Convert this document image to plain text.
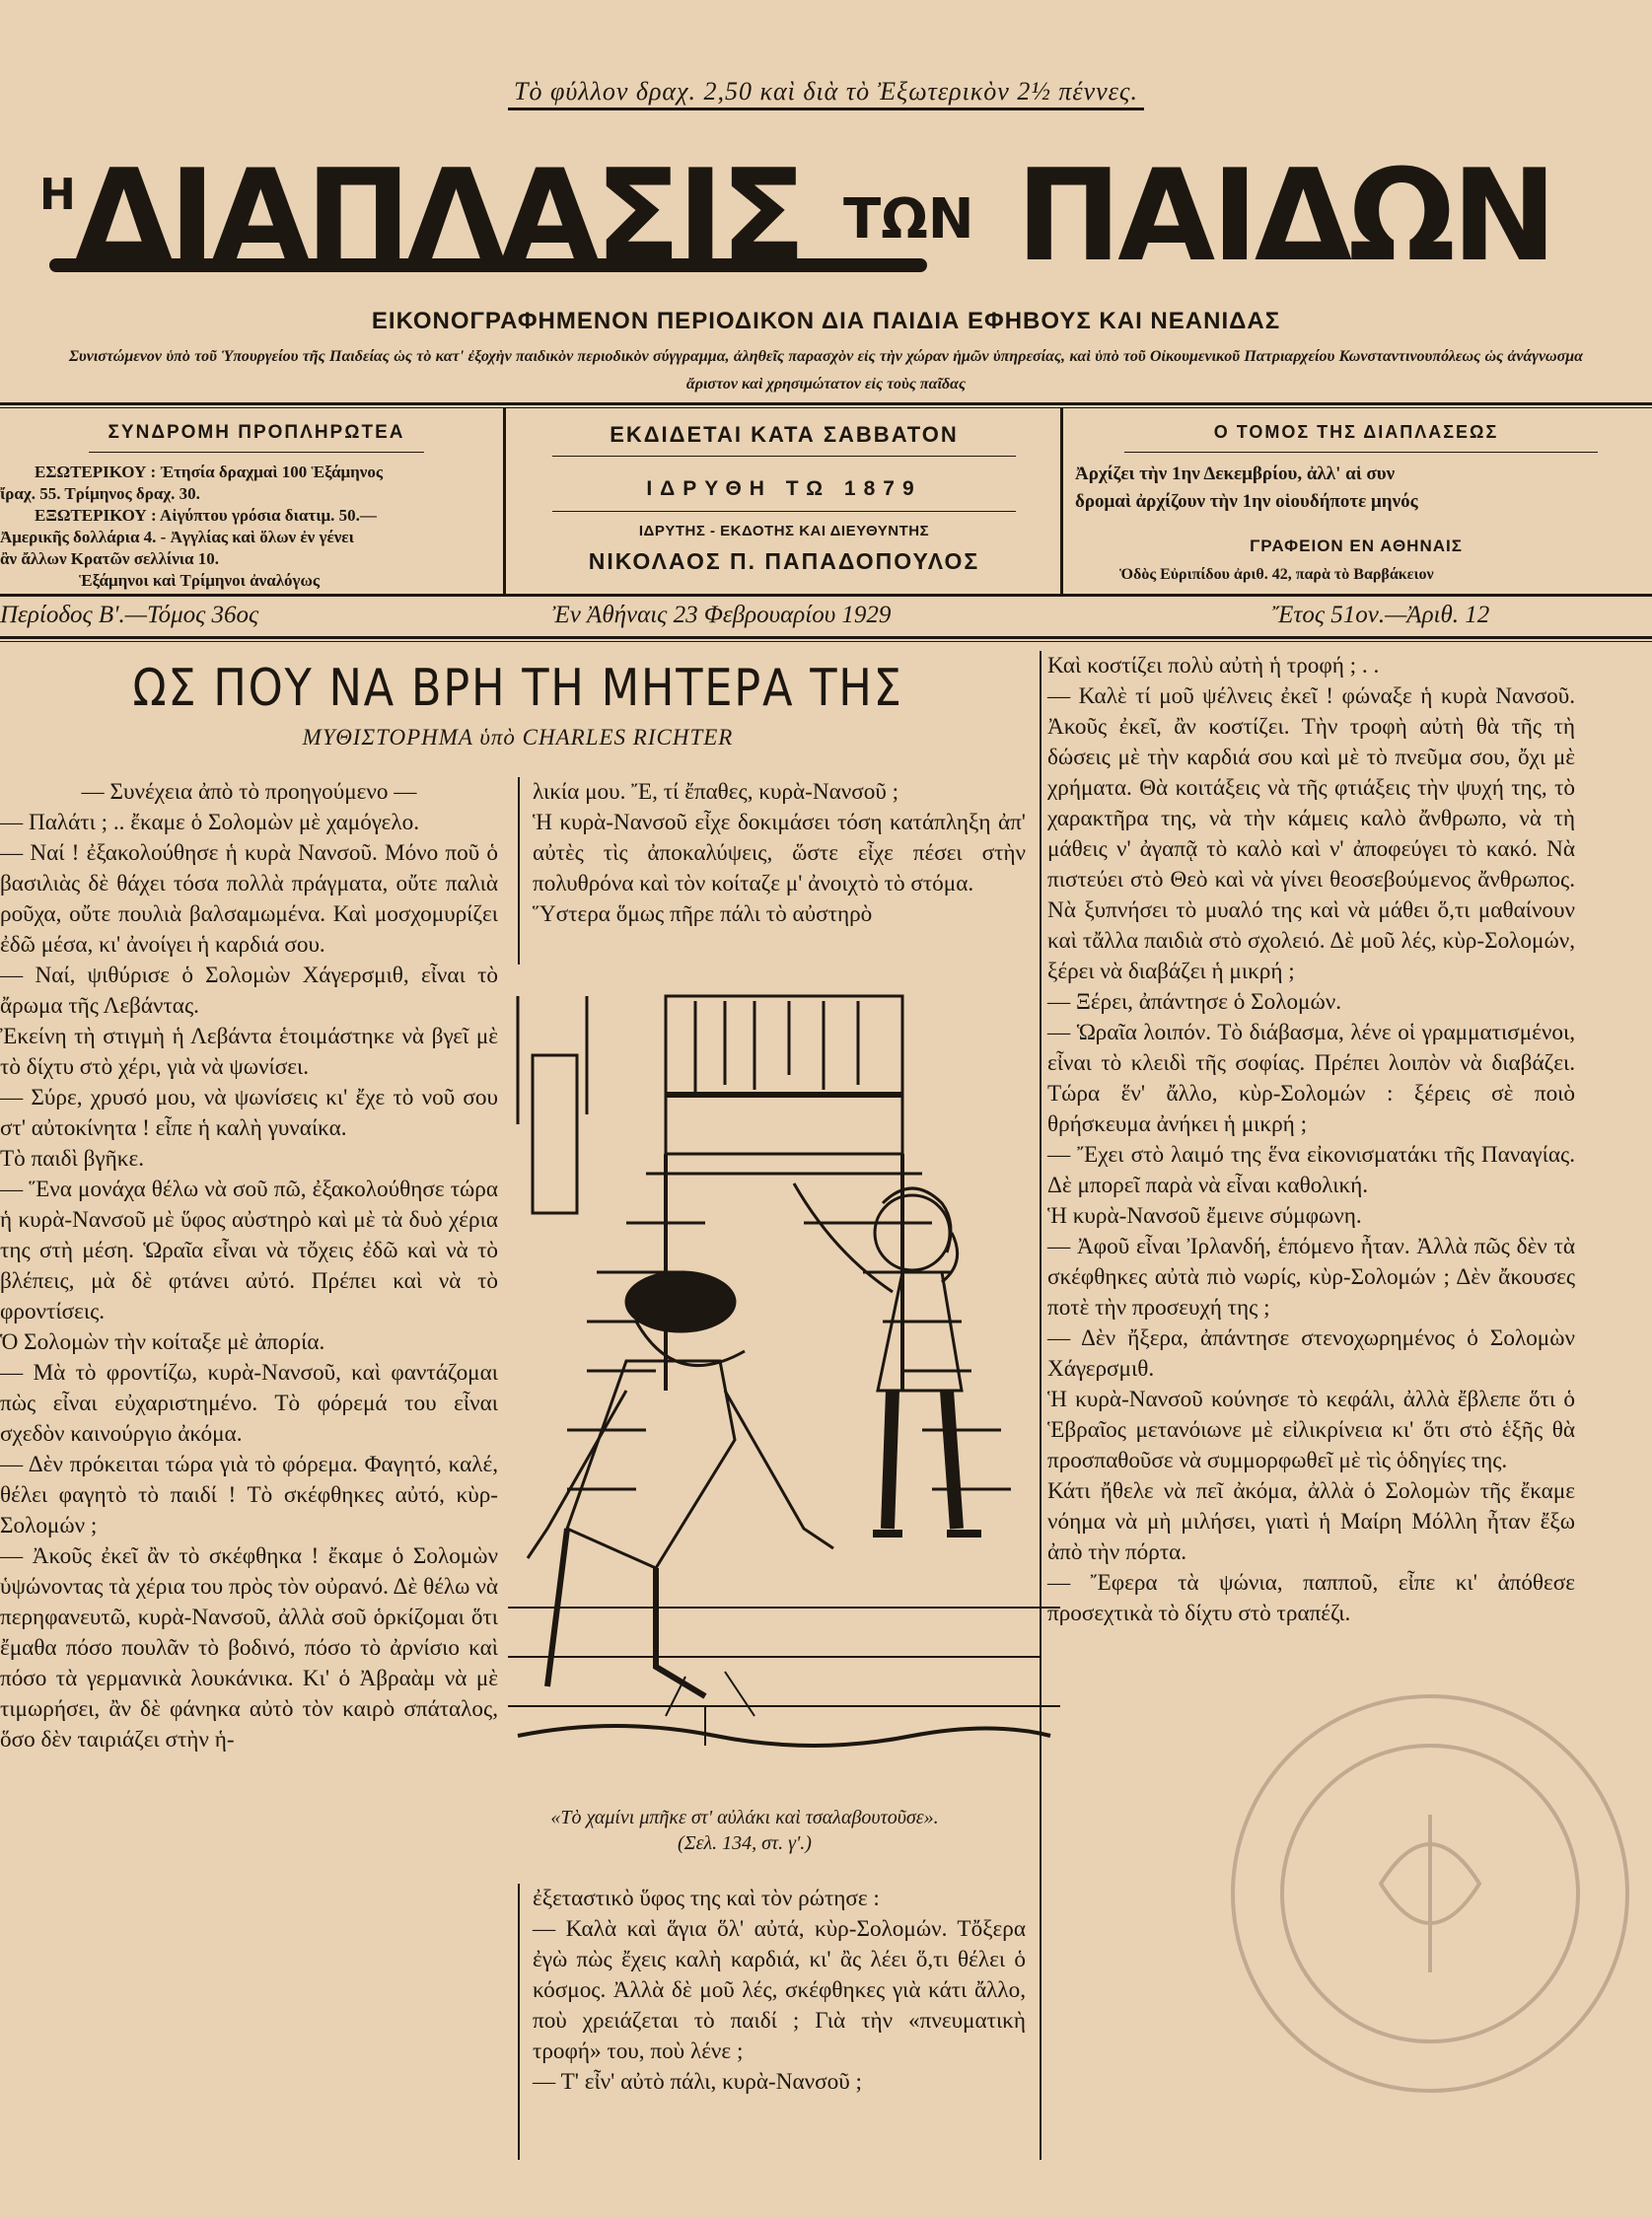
Τὸ φύλλον δραχ. 2,50 καὶ διὰ τὸ Ἐξωτερικὸν 2½ πέννες.
Η ΔΙΑΠΛΑΣΙΣ ΤΩΝ ΠΑΙΔΩΝ
ΕΙΚΟΝΟΓΡΑΦΗΜΕΝΟΝ ΠΕΡΙΟΔΙΚΟΝ ΔΙΑ ΠΑΙΔΙΑ ΕΦΗΒΟΥΣ ΚΑΙ ΝΕΑΝΙΔΑΣ
Συνιστώμενον ὑπὸ τοῦ Ὑπουργείου τῆς Παιδείας ὡς τὸ κατ' ἐξοχὴν παιδικὸν περιοδικὸν σύγγραμμα, ἀληθεῖς παρασχὸν εἰς τὴν χώραν ἡμῶν ὑπηρεσίας, καὶ ὑπὸ τοῦ Οἰκουμενικοῦ Πατριαρχείου Κωνσταντινουπόλεως ὡς ἀνάγνωσμα ἄριστον καὶ χρησιμώτατον εἰς τοὺς παῖδας
ΣΥΝΔΡΟΜΗ ΠΡΟΠΛΗΡΩΤΕΑ
ΕΣΩΤΕΡΙΚΟΥ : Ἐτησία δραχμαὶ 100 Ἑξάμηνος
ἴραχ. 55. Τρίμηνος δραχ. 30.
ΕΞΩΤΕΡΙΚΟΥ : Αἰγύπτου γρόσια διατιμ. 50.—
Ἀμερικῆς δολλάρια 4. - Ἀγγλίας καὶ ὅλων ἐν γένει
ἂν ἄλλων Κρατῶν σελλίνια 10.
Ἑξάμηνοι καὶ Τρίμηνοι ἀναλόγως
ΕΚΔΙΔΕΤΑΙ ΚΑΤΑ ΣΑΒΒΑΤΟΝ
ΙΔΡΥΘΗ ΤΩ 1879
ΙΔΡΥΤΗΣ - ΕΚΔΟΤΗΣ ΚΑΙ ΔΙΕΥΘΥΝΤΗΣ
ΝΙΚΟΛΑΟΣ Π. ΠΑΠΑΔΟΠΟΥΛΟΣ
Ο ΤΟΜΟΣ ΤΗΣ ΔΙΑΠΛΑΣΕΩΣ
Ἀρχίζει τὴν 1ην Δεκεμβρίου, ἀλλ' αἱ συν
δρομαὶ ἀρχίζουν τὴν 1ην οἱουδήποτε μηνός
ΓΡΑΦΕΙΟΝ ΕΝ ΑΘΗΝΑΙΣ
Ὁδὸς Εὐριπίδου ἀριθ. 42, παρὰ τὸ Βαρβάκειον
Περίοδος Β'.—Τόμος 36ος	Ἐν Ἀθήναις 23 Φεβρουαρίου 1929	Ἔτος 51ον.—Ἀριθ. 12
ΩΣ ΠΟΥ ΝΑ ΒΡΗ ΤΗ ΜΗΤΕΡΑ ΤΗΣ
ΜΥΘΙΣΤΟΡΗΜΑ ὑπὸ CHARLES RICHTER

— Συνέχεια ἀπὸ τὸ προηγούμενο —

— Παλάτι ; .. ἔκαμε ὁ Σολομὼν μὲ χαμόγελο.

— Ναί ! ἐξακολούθησε ἡ κυρὰ Νανσοῦ. Μόνο ποῦ ὁ βασιλιὰς δὲ θάχει τόσα πολλὰ πράγματα, οὔτε παλιὰ ροῦχα, οὔτε πουλιὰ βαλσαμωμένα. Καὶ μοσχομυρίζει ἐδῶ μέσα, κι' ἀνοίγει ἡ καρδιά σου.

— Ναί, ψιθύρισε ὁ Σολομὼν Χάγερσμιθ, εἶναι τὸ ἄρωμα τῆς Λεβάντας.

Ἐκείνη τὴ στιγμὴ ἡ Λεβάντα ἑτοιμάστηκε νὰ βγεῖ μὲ τὸ δίχτυ στὸ χέρι, γιὰ νὰ ψωνίσει.

— Σύρε, χρυσό μου, νὰ ψωνίσεις κι' ἔχε τὸ νοῦ σου στ' αὐτοκίνητα ! εἶπε ἡ καλὴ γυναίκα.

Τὸ παιδὶ βγῆκε.

— Ἕνα μονάχα θέλω νὰ σοῦ πῶ, ἐξακολούθησε τώρα ἡ κυρὰ-Νανσοῦ μὲ ὕφος αὐστηρὸ καὶ μὲ τὰ δυὸ χέρια της στὴ μέση. Ὡραῖα εἶναι νὰ τὄχεις ἐδῶ καὶ νὰ τὸ βλέπεις, μὰ δὲ φτάνει αὐτό. Πρέπει καὶ νὰ τὸ φροντίσεις.

Ὁ Σολομὼν τὴν κοίταξε μὲ ἀπορία.

— Μὰ τὸ φροντίζω, κυρὰ-Νανσοῦ, καὶ φαντάζομαι πὼς εἶναι εὐχαριστημένο. Τὸ φόρεμά του εἶναι σχεδὸν καινούργιο ἀκόμα.

— Δὲν πρόκειται τώρα γιὰ τὸ φόρεμα. Φαγητό, καλέ, θέλει φαγητὸ τὸ παιδί ! Τὸ σκέφθηκες αὐτό, κὺρ-Σολομών ;

— Ἀκοῦς ἐκεῖ ἂν τὸ σκέφθηκα ! ἔκαμε ὁ Σολομὼν ὑψώνοντας τὰ χέρια του πρὸς τὸν οὐρανό. Δὲ θέλω νὰ περηφανευτῶ, κυρὰ-Νανσοῦ, ἀλλὰ σοῦ ὁρκίζομαι ὅτι ἔμαθα πόσο πουλᾶν τὸ βοδινό, πόσο τὸ ἀρνίσιο καὶ πόσο τὰ γερμανικὰ λουκάνικα. Κι' ὁ Ἀβραὰμ νὰ μὲ τιμωρήσει, ἂν δὲ φάνηκα αὐτὸ τὸν καιρὸ σπάταλος, ὅσο δὲν ταιριάζει στὴν ἡ-

λικία μου. Ἔ, τί ἔπαθες, κυρὰ-Νανσοῦ ;

Ἡ κυρὰ-Νανσοῦ εἶχε δοκιμάσει τόση κατάπληξη ἀπ' αὐτὲς τὶς ἀποκαλύψεις, ὥστε εἶχε πέσει στὴν πολυθρόνα καὶ τὸν κοίταζε μ' ἀνοιχτὸ τὸ στόμα.

Ὕστερα ὅμως πῆρε πάλι τὸ αὐστηρὸ

«Τὸ χαμίνι μπῆκε στ' αὐλάκι καὶ τσαλαβουτοῦσε».
(Σελ. 134, στ. γ'.)

ἐξεταστικὸ ὕφος της καὶ τὸν ρώτησε :

— Καλὰ καὶ ἅγια ὅλ' αὐτά, κὺρ-Σολομών. Τὄξερα ἐγὼ πὼς ἔχεις καλὴ καρδιά, κι' ἂς λέει ὅ,τι θέλει ὁ κόσμος. Ἀλλὰ δὲ μοῦ λές, σκέφθηκες γιὰ κάτι ἄλλο, ποὺ χρειάζεται τὸ παιδί ; Γιὰ τὴν «πνευματικὴ τροφή» του, ποὺ λένε ;

— Τ' εἶν' αὐτὸ πάλι, κυρὰ-Νανσοῦ ;

Καὶ κοστίζει πολὺ αὐτὴ ἡ τροφή ; . .

— Καλὲ τί μοῦ ψέλνεις ἐκεῖ ! φώναξε ἡ κυρὰ Νανσοῦ. Ἀκοῦς ἐκεῖ, ἂν κοστίζει. Τὴν τροφὴ αὐτὴ θὰ τῆς τὴ δώσεις μὲ τὴν καρδιά σου καὶ μὲ τὸ πνεῦμα σου, ὄχι μὲ χρήματα. Θὰ κοιτάξεις νὰ τῆς φτιάξεις τὴν ψυχή της, τὸ χαρακτῆρα της, νὰ τὴν κάμεις καλὸ ἄνθρωπο, νὰ τὴ μάθεις ν' ἀγαπᾷ τὸ καλὸ καὶ ν' ἀποφεύγει τὸ κακό. Νὰ πιστεύει στὸ Θεὸ καὶ νὰ γίνει θεοσεβούμενος ἄνθρωπος. Νὰ ξυπνήσει τὸ μυαλό της καὶ νὰ μάθει ὅ,τι μαθαίνουν καὶ τἄλλα παιδιὰ στὸ σχολειό. Δὲ μοῦ λές, κὺρ-Σολομών, ξέρει νὰ διαβάζει ἡ μικρή ;

— Ξέρει, ἀπάντησε ὁ Σολομών.

— Ὡραῖα λοιπόν. Τὸ διάβασμα, λένε οἱ γραμματισμένοι, εἶναι τὸ κλειδὶ τῆς σοφίας. Πρέπει λοιπὸν νὰ διαβάζει. Τώρα ἕν' ἄλλο, κὺρ-Σολομών : ξέρεις σὲ ποιὸ θρήσκευμα ἀνήκει ἡ μικρή ;

— Ἔχει στὸ λαιμό της ἕνα εἰκονισματάκι τῆς Παναγίας. Δὲ μπορεῖ παρὰ νὰ εἶναι καθολική.

Ἡ κυρὰ-Νανσοῦ ἔμεινε σύμφωνη.

— Ἀφοῦ εἶναι Ἰρλανδή, ἑπόμενο ἦταν. Ἀλλὰ πῶς δὲν τὰ σκέφθηκες αὐτὰ πιὸ νωρίς, κὺρ-Σολομών ; Δὲν ἄκουσες ποτὲ τὴν προσευχή της ;

— Δὲν ἤξερα, ἀπάντησε στενοχωρημένος ὁ Σολομὼν Χάγερσμιθ.

Ἡ κυρὰ-Νανσοῦ κούνησε τὸ κεφάλι, ἀλλὰ ἔβλεπε ὅτι ὁ Ἑβραῖος μετανόιωνε μὲ εἰλικρίνεια κι' ὅτι στὸ ἑξῆς θὰ προσπαθοῦσε νὰ συμμορφωθεῖ μὲ τὶς ὁδηγίες της.

Κάτι ἤθελε νὰ πεῖ ἀκόμα, ἀλλὰ ὁ Σολομὼν τῆς ἔκαμε νόημα νὰ μὴ μιλήσει, γιατὶ ἡ Μαίρη Μόλλη ἦταν ἔξω ἀπὸ τὴν πόρτα.

— Ἔφερα τὰ ψώνια, παπποῦ, εἶπε κι' ἀπόθεσε προσεχτικὰ τὸ δίχτυ στὸ τραπέζι.
